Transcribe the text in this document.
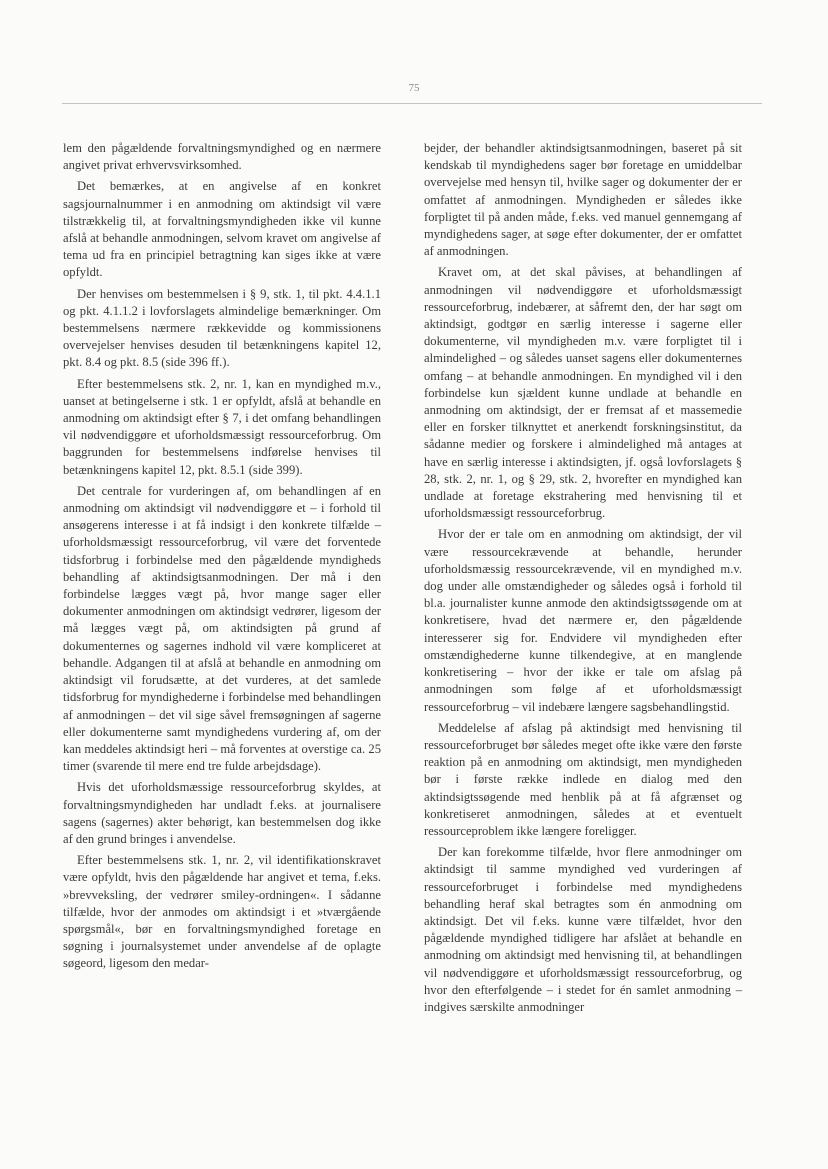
75

lem den pågældende forvaltningsmyndighed og en nærmere angivet privat erhvervsvirksomhed.

Det bemærkes, at en angivelse af en konkret sagsjournalnummer i en anmodning om aktindsigt vil være tilstrækkelig til, at forvaltningsmyndigheden ikke vil kunne afslå at behandle anmodningen, selvom kravet om angivelse af tema ud fra en principiel betragtning kan siges ikke at være opfyldt.

Der henvises om bestemmelsen i § 9, stk. 1, til pkt. 4.4.1.1 og pkt. 4.1.1.2 i lovforslagets almindelige bemærkninger. Om bestemmelsens nærmere rækkevidde og kommissionens overvejelser henvises desuden til betænkningens kapitel 12, pkt. 8.4 og pkt. 8.5 (side 396 ff.).

Efter bestemmelsens stk. 2, nr. 1, kan en myndighed m.v., uanset at betingelserne i stk. 1 er opfyldt, afslå at behandle en anmodning om aktindsigt efter § 7, i det omfang behandlingen vil nødvendiggøre et uforholdsmæssigt ressourceforbrug. Om baggrunden for bestemmelsens indførelse henvises til betænkningens kapitel 12, pkt. 8.5.1 (side 399).

Det centrale for vurderingen af, om behandlingen af en anmodning om aktindsigt vil nødvendiggøre et – i forhold til ansøgerens interesse i at få indsigt i den konkrete tilfælde – uforholdsmæssigt ressourceforbrug, vil være det forventede tidsforbrug i forbindelse med den pågældende myndigheds behandling af aktindsigtsanmodningen. Der må i den forbindelse lægges vægt på, hvor mange sager eller dokumenter anmodningen om aktindsigt vedrører, ligesom der må lægges vægt på, om aktindsigten på grund af dokumenternes og sagernes indhold vil være kompliceret at behandle. Adgangen til at afslå at behandle en anmodning om aktindsigt vil forudsætte, at det vurderes, at det samlede tidsforbrug for myndighederne i forbindelse med behandlingen af anmodningen – det vil sige såvel fremsøgningen af sagerne eller dokumenterne samt myndighedens vurdering af, om der kan meddeles aktindsigt heri – må forventes at overstige ca. 25 timer (svarende til mere end tre fulde arbejdsdage).

Hvis det uforholdsmæssige ressourceforbrug skyldes, at forvaltningsmyndigheden har undladt f.eks. at journalisere sagens (sagernes) akter behørigt, kan bestemmelsen dog ikke af den grund bringes i anvendelse.

Efter bestemmelsens stk. 1, nr. 2, vil identifikationskravet være opfyldt, hvis den pågældende har angivet et tema, f.eks. »brevveksling, der vedrører smiley-ordningen«. I sådanne tilfælde, hvor der anmodes om aktindsigt i et »tværgående spørgsmål«, bør en forvaltningsmyndighed foretage en søgning i journalsystemet under anvendelse af de oplagte søgeord, ligesom den medar-

bejder, der behandler aktindsigtsanmodningen, baseret på sit kendskab til myndighedens sager bør foretage en umiddelbar overvejelse med hensyn til, hvilke sager og dokumenter der er omfattet af anmodningen. Myndigheden er således ikke forpligtet til på anden måde, f.eks. ved manuel gennemgang af myndighedens sager, at søge efter dokumenter, der er omfattet af anmodningen.

Kravet om, at det skal påvises, at behandlingen af anmodningen vil nødvendiggøre et uforholdsmæssigt ressourceforbrug, indebærer, at såfremt den, der har søgt om aktindsigt, godtgør en særlig interesse i sagerne eller dokumenterne, vil myndigheden m.v. være forpligtet til i almindelighed – og således uanset sagens eller dokumenternes omfang – at behandle anmodningen. En myndighed vil i den forbindelse kun sjældent kunne undlade at behandle en anmodning om aktindsigt, der er fremsat af et massemedie eller en forsker tilknyttet et anerkendt forskningsinstitut, da sådanne medier og forskere i almindelighed må antages at have en særlig interesse i aktindsigten, jf. også lovforslagets § 28, stk. 2, nr. 1, og § 29, stk. 2, hvorefter en myndighed kan undlade at foretage ekstrahering med henvisning til et uforholdsmæssigt ressourceforbrug.

Hvor der er tale om en anmodning om aktindsigt, der vil være ressourcekrævende at behandle, herunder uforholdsmæssig ressourcekrævende, vil en myndighed m.v. dog under alle omstændigheder og således også i forhold til bl.a. journalister kunne anmode den aktindsigtssøgende om at konkretisere, hvad det nærmere er, den pågældende interesserer sig for. Endvidere vil myndigheden efter omstændighederne kunne tilkendegive, at en manglende konkretisering – hvor der ikke er tale om afslag på anmodningen som følge af et uforholdsmæssigt ressourceforbrug – vil indebære længere sagsbehandlingstid.

Meddelelse af afslag på aktindsigt med henvisning til ressourceforbruget bør således meget ofte ikke være den første reaktion på en anmodning om aktindsigt, men myndigheden bør i første række indlede en dialog med den aktindsigtssøgende med henblik på at få afgrænset og konkretiseret anmodningen, således at et eventuelt ressourceproblem ikke længere foreligger.

Der kan forekomme tilfælde, hvor flere anmodninger om aktindsigt til samme myndighed ved vurderingen af ressourceforbruget i forbindelse med myndighedens behandling heraf skal betragtes som én anmodning om aktindsigt. Det vil f.eks. kunne være tilfældet, hvor den pågældende myndighed tidligere har afslået at behandle en anmodning om aktindsigt med henvisning til, at behandlingen vil nødvendiggøre et uforholdsmæssigt ressourceforbrug, og hvor den efterfølgende – i stedet for én samlet anmodning – indgives særskilte anmodninger
